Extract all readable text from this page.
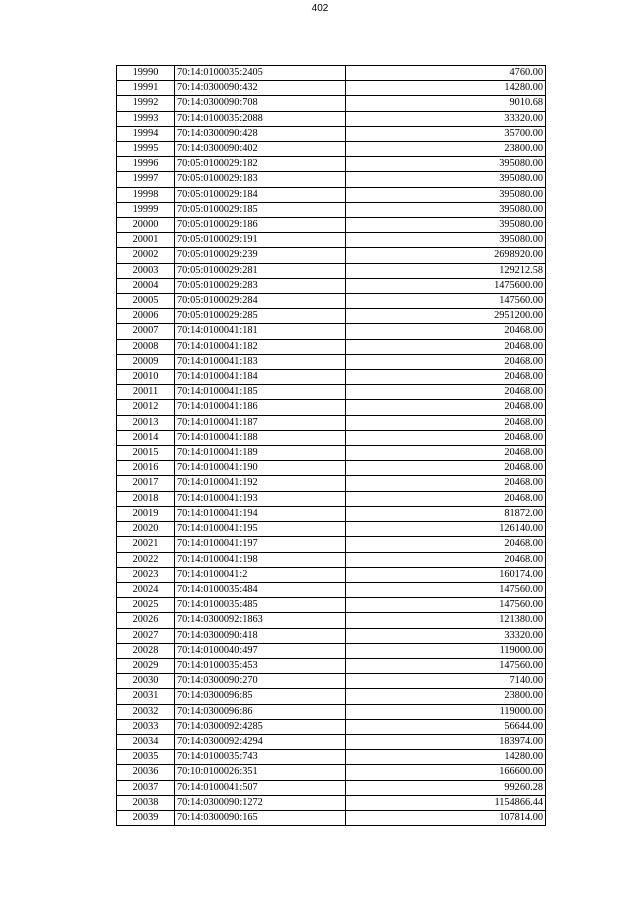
402
19990	70:14:0100035:2405	4760.00
19991	70:14:0300090:432	14280.00
19992	70:14:0300090:708	9010.68
19993	70:14:0100035:2088	33320.00
19994	70:14:0300090:428	35700.00
19995	70:14:0300090:402	23800.00
19996	70:05:0100029:182	395080.00
19997	70:05:0100029:183	395080.00
19998	70:05:0100029:184	395080.00
19999	70:05:0100029:185	395080.00
20000	70:05:0100029:186	395080.00
20001	70:05:0100029:191	395080.00
20002	70:05:0100029:239	2698920.00
20003	70:05:0100029:281	129212.58
20004	70:05:0100029:283	1475600.00
20005	70:05:0100029:284	147560.00
20006	70:05:0100029:285	2951200.00
20007	70:14:0100041:181	20468.00
20008	70:14:0100041:182	20468.00
20009	70:14:0100041:183	20468.00
20010	70:14:0100041:184	20468.00
20011	70:14:0100041:185	20468.00
20012	70:14:0100041:186	20468.00
20013	70:14:0100041:187	20468.00
20014	70:14:0100041:188	20468.00
20015	70:14:0100041:189	20468.00
20016	70:14:0100041:190	20468.00
20017	70:14:0100041:192	20468.00
20018	70:14:0100041:193	20468.00
20019	70:14:0100041:194	81872.00
20020	70:14:0100041:195	126140.00
20021	70:14:0100041:197	20468.00
20022	70:14:0100041:198	20468.00
20023	70:14:0100041:2	160174.00
20024	70:14:0100035:484	147560.00
20025	70:14:0100035:485	147560.00
20026	70:14:0300092:1863	121380.00
20027	70:14:0300090:418	33320.00
20028	70:14:0100040:497	119000.00
20029	70:14:0100035:453	147560.00
20030	70:14:0300090:270	7140.00
20031	70:14:0300096:85	23800.00
20032	70:14:0300096:86	119000.00
20033	70:14:0300092:4285	56644.00
20034	70:14:0300092:4294	183974.00
20035	70:14:0100035:743	14280.00
20036	70:10:0100026:351	166600.00
20037	70:14:0100041:507	99260.28
20038	70:14:0300090:1272	1154866.44
20039	70:14:0300090:165	107814.00
